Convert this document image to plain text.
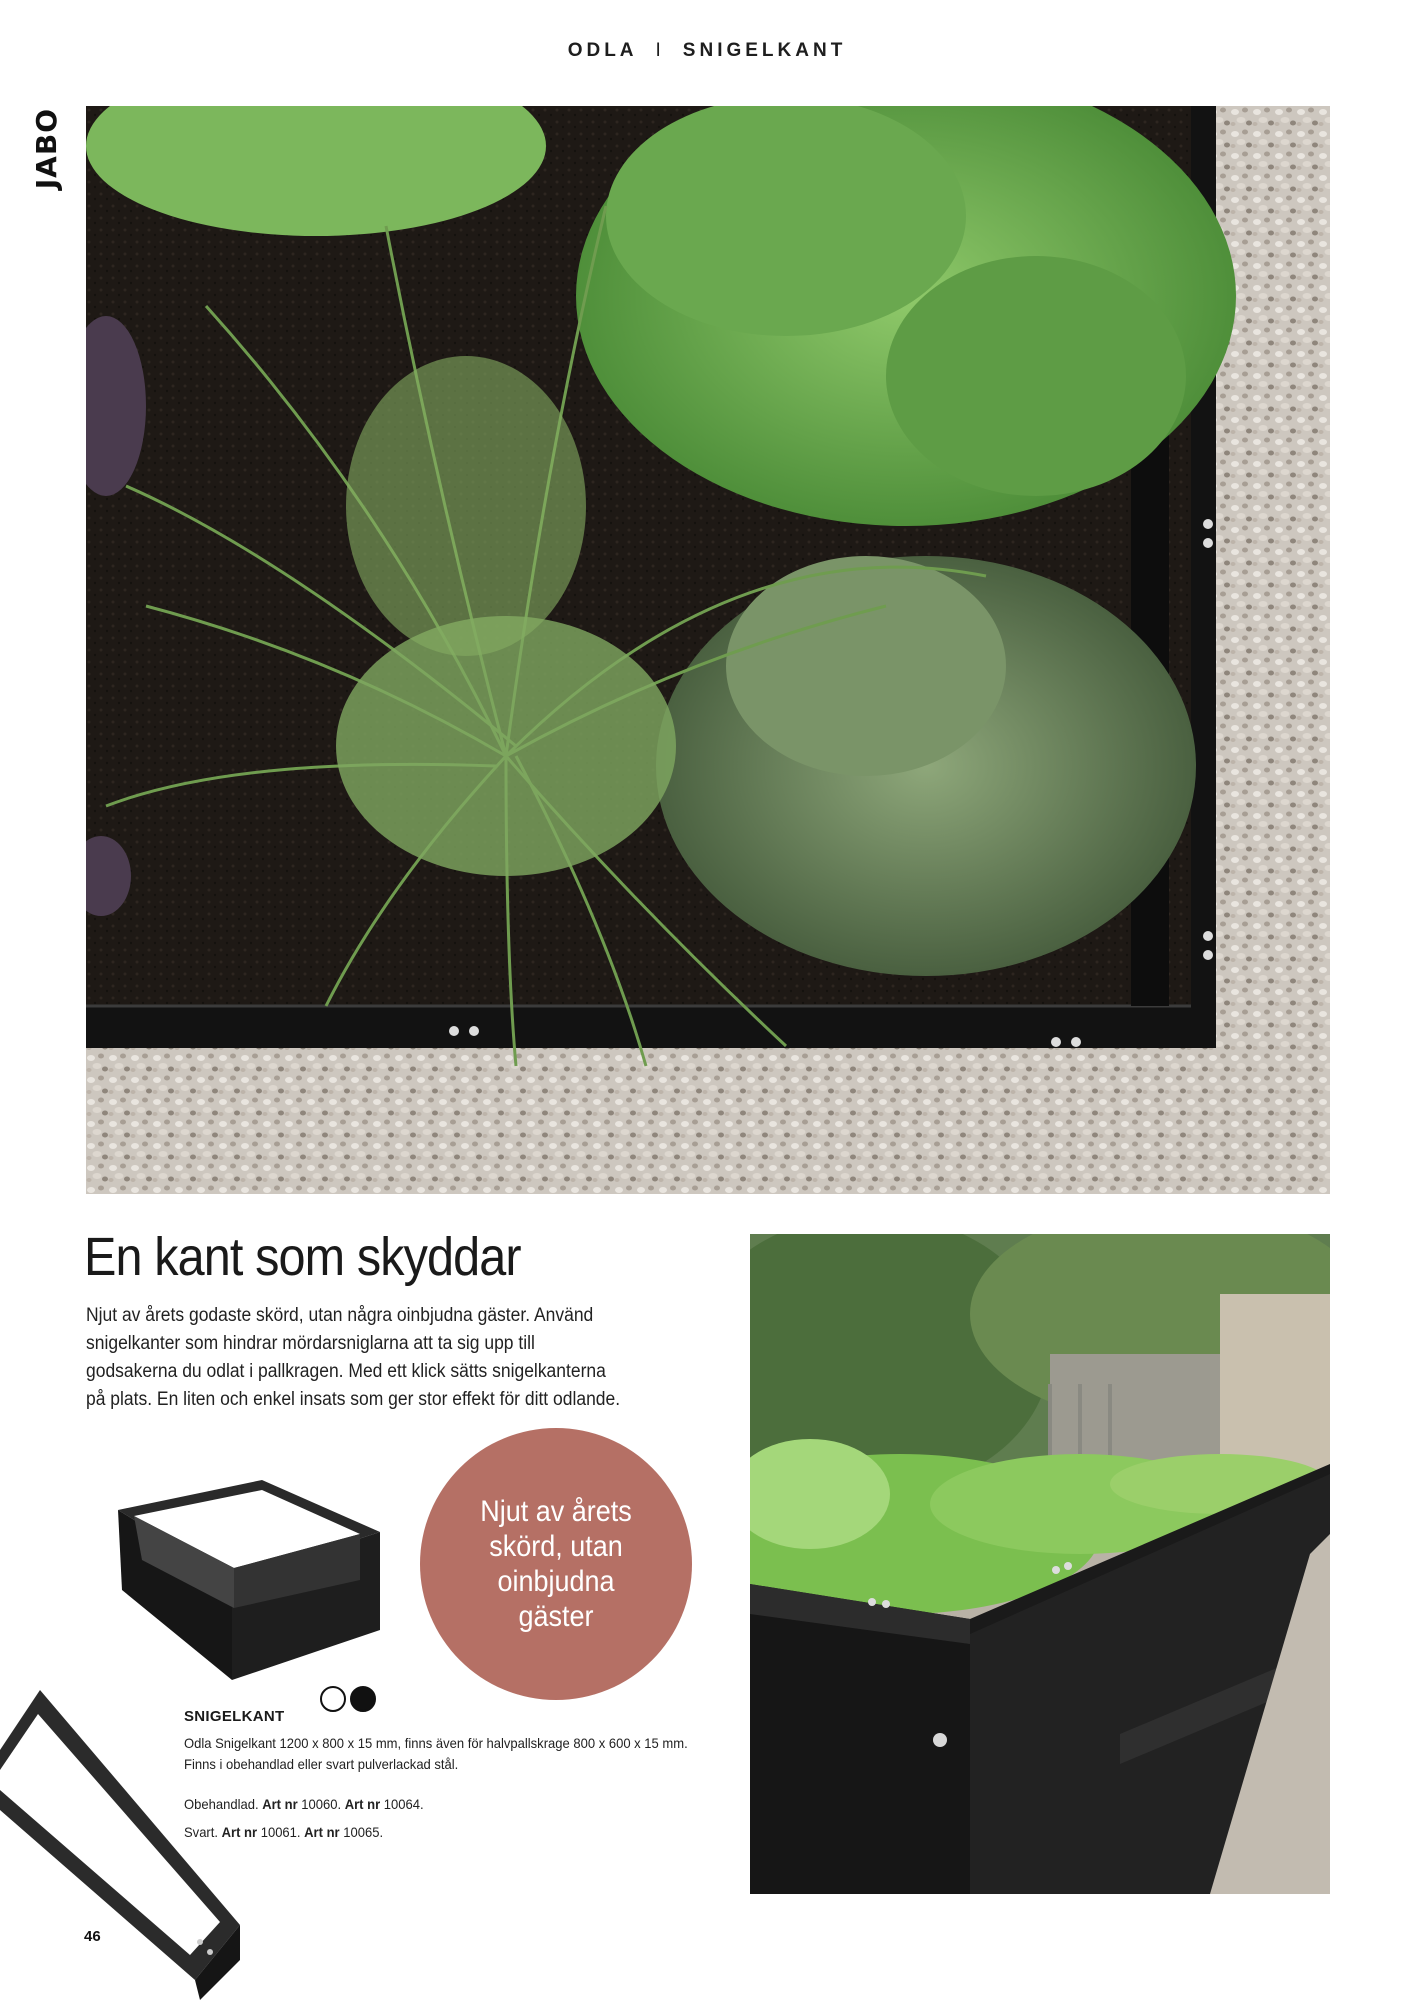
ODLA I SNIGELKANT
JABO
En kant som skyddar

Njut av årets godaste skörd, utan några oinbjudna gäster. Använd snigelkanter som hindrar mördarsniglarna att ta sig upp till godsakerna du odlat i pallkragen. Med ett klick sätts snigelkanterna på plats. En liten och enkel insats som ger stor effekt för ditt odlande.

Njut av årets skörd, utan oinbjudna gäster

SNIGELKANT

Odla Snigelkant 1200 x 800 x 15 mm, finns även för halvpallskrage 800 x 600 x 15 mm. Finns i obehandlad eller svart pulverlackad stål.

Obehandlad. Art nr 10060. Art nr 10064.

Svart. Art nr 10061. Art nr 10065.

46
